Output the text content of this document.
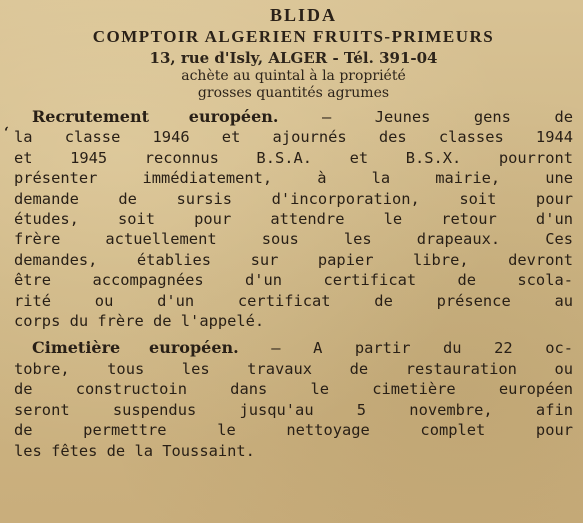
BLIDA
COMPTOIR ALGERIEN FRUITS-PRIMEURS
13, rue d'Isly, ALGER - Tél. 391-04
achète au quintal à la propriété
grosses quantités agrumes
‘
Recrutement européen. — Jeunes gens de
la classe 1946 et ajournés des classes 1944
et 1945 reconnus B.S.A. et B.S.X. pourront
présenter immédiatement, à la mairie, une
demande de sursis d'incorporation, soit pour
études, soit pour attendre le retour d'un
frère actuellement sous les drapeaux. Ces
demandes, établies sur papier libre, devront
être accompagnées d'un certificat de scola-
rité ou d'un certificat de présence au
corps du frère de l'appelé.
Cimetière européen. — A partir du 22 oc-
tobre, tous les travaux de restauration ou
de constructoin dans le cimetière européen
seront suspendus jusqu'au 5 novembre, afin
de permettre le nettoyage complet pour
les fêtes de la Toussaint.
